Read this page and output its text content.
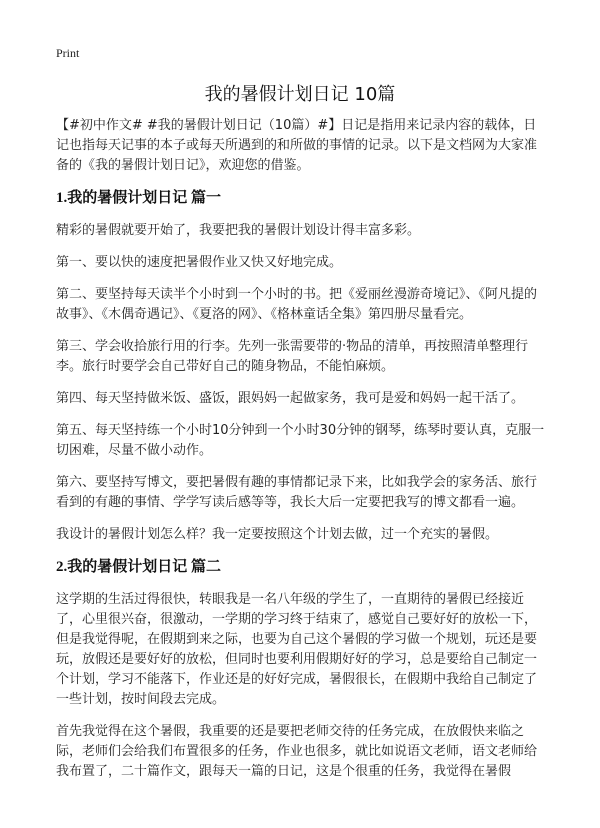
Print
我的暑假计划日记 10篇

【#初中作文# #我的暑假计划日记（10篇）#】日记是指用来记录内容的载体，日记也指每天记事的本子或每天所遇到的和所做的事情的记录。以下是文档网为大家准备的《我的暑假计划日记》，欢迎您的借鉴。

1.我的暑假计划日记 篇一

精彩的暑假就要开始了，我要把我的暑假计划设计得丰富多彩。

第一、要以快的速度把暑假作业又快又好地完成。

第二、要坚持每天读半个小时到一个小时的书。把《爱丽丝漫游奇境记》、《阿凡提的故事》、《木偶奇遇记》、《夏洛的网》、《格林童话全集》第四册尽量看完。

第三、学会收拾旅行用的行李。先列一张需要带的·物品的清单，再按照清单整理行李。旅行时要学会自己带好自己的随身物品，不能怕麻烦。

第四、每天坚持做米饭、盛饭，跟妈妈一起做家务，我可是爱和妈妈一起干活了。

第五、每天坚持练一个小时10分钟到一个小时30分钟的钢琴，练琴时要认真，克服一切困难，尽量不做小动作。

第六、要坚持写博文，要把暑假有趣的事情都记录下来，比如我学会的家务活、旅行看到的有趣的事情、学学写读后感等等，我长大后一定要把我写的博文都看一遍。

我设计的暑假计划怎么样？我一定要按照这个计划去做，过一个充实的暑假。

2.我的暑假计划日记 篇二

这学期的生活过得很快，转眼我是一名八年级的学生了，一直期待的暑假已经接近了，心里很兴奋，很激动，一学期的学习终于结束了，感觉自己要好好的放松一下，但是我觉得呢，在假期到来之际，也要为自己这个暑假的学习做一个规划，玩还是要玩，放假还是要好好的放松，但同时也要利用假期好好的学习，总是要给自己制定一个计划，学习不能落下，作业还是的好好完成，暑假很长，在假期中我给自己制定了一些计划，按时间段去完成。

首先我觉得在这个暑假，我重要的还是要把老师交待的任务完成，在放假快来临之际，老师们会给我们布置很多的任务，作业也很多，就比如说语文老师，语文老师给我布置了，二十篇作文，跟每天一篇的日记，这是个很重的任务，我觉得在暑假
